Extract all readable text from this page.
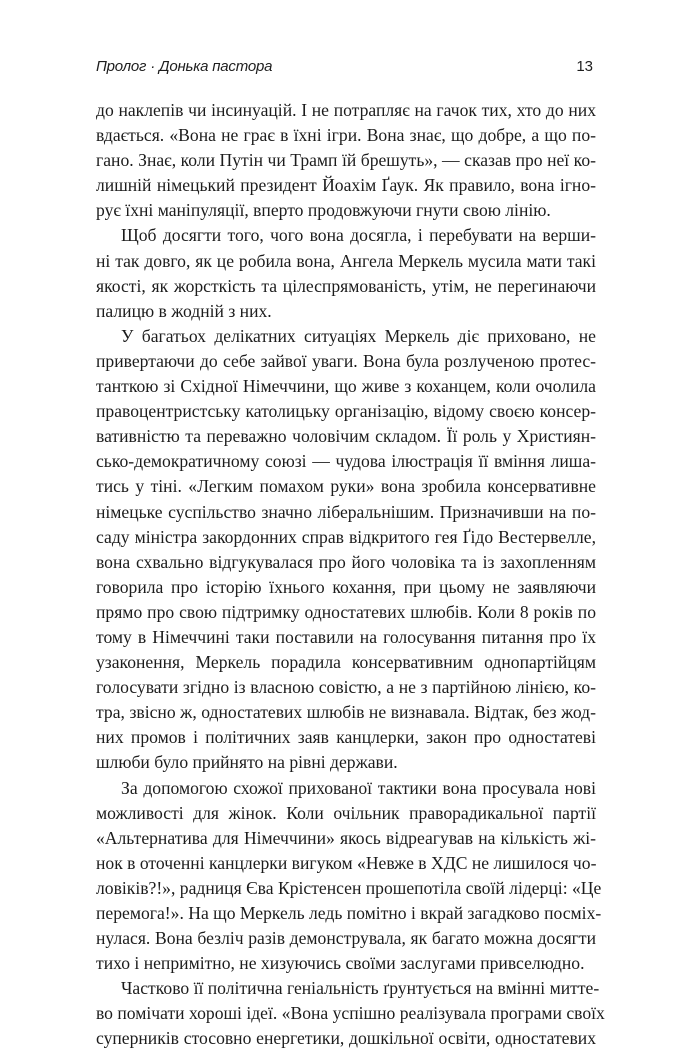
Пролог · Донька пастора	13
до наклепів чи інсинуацій. І не потрапляє на гачок тих, хто до них
вдається. «Вона не грає в їхні ігри. Вона знає, що добре, а що по-
гано. Знає, коли Путін чи Трамп їй брешуть», — сказав про неї ко-
лишній німецький президент Йоахім Ґаук. Як правило, вона ігно-
рує їхні маніпуляції, вперто продовжуючи гнути свою лінію.
Щоб досягти того, чого вона досягла, і перебувати на верши-
ні так довго, як це робила вона, Ангела Меркель мусила мати такі
якості, як жорсткість та цілеспрямованість, утім, не перегинаючи
палицю в жодній з них.
У багатьох делікатних ситуаціях Меркель діє приховано, не
привертаючи до себе зайвої уваги. Вона була розлученою протес-
танткою зі Східної Німеччини, що живе з коханцем, коли очолила
правоцентристську католицьку організацію, відому своєю консер-
вативністю та переважно чоловічим складом. Її роль у Християн-
сько-демократичному союзі — чудова ілюстрація її вміння лиша-
тись у тіні. «Легким помахом руки» вона зробила консервативне
німецьке суспільство значно ліберальнішим. Призначивши на по-
саду міністра закордонних справ відкритого гея Ґідо Вестервелле,
вона схвально відгукувалася про його чоловіка та із захопленням
говорила про історію їхнього кохання, при цьому не заявляючи
прямо про свою підтримку одностатевих шлюбів. Коли 8 років по
тому в Німеччині таки поставили на голосування питання про їх
узаконення, Меркель порадила консервативним однопартійцям
голосувати згідно із власною совістю, а не з партійною лінією, ко-
тра, звісно ж, одностатевих шлюбів не визнавала. Відтак, без жод-
них промов і політичних заяв канцлерки, закон про одностатеві
шлюби було прийнято на рівні держави.
За допомогою схожої прихованої тактики вона просувала нові
можливості для жінок. Коли очільник праворадикальної партії
«Альтернатива для Німеччини» якось відреагував на кількість жі-
нок в оточенні канцлерки вигуком «Невже в ХДС не лишилося чо-
ловіків?!», радниця Єва Крістенсен прошепотіла своїй лідерці: «Це
перемога!». На що Меркель ледь помітно і вкрай загадково посміх-
нулася. Вона безліч разів демонструвала, як багато можна досягти
тихо і непримітно, не хизуючись своїми заслугами привселюдно.
Частково її політична геніальність ґрунтується на вмінні митте-
во помічати хороші ідеї. «Вона успішно реалізувала програми своїх
суперників стосовно енергетики, дошкільної освіти, одностатевих
